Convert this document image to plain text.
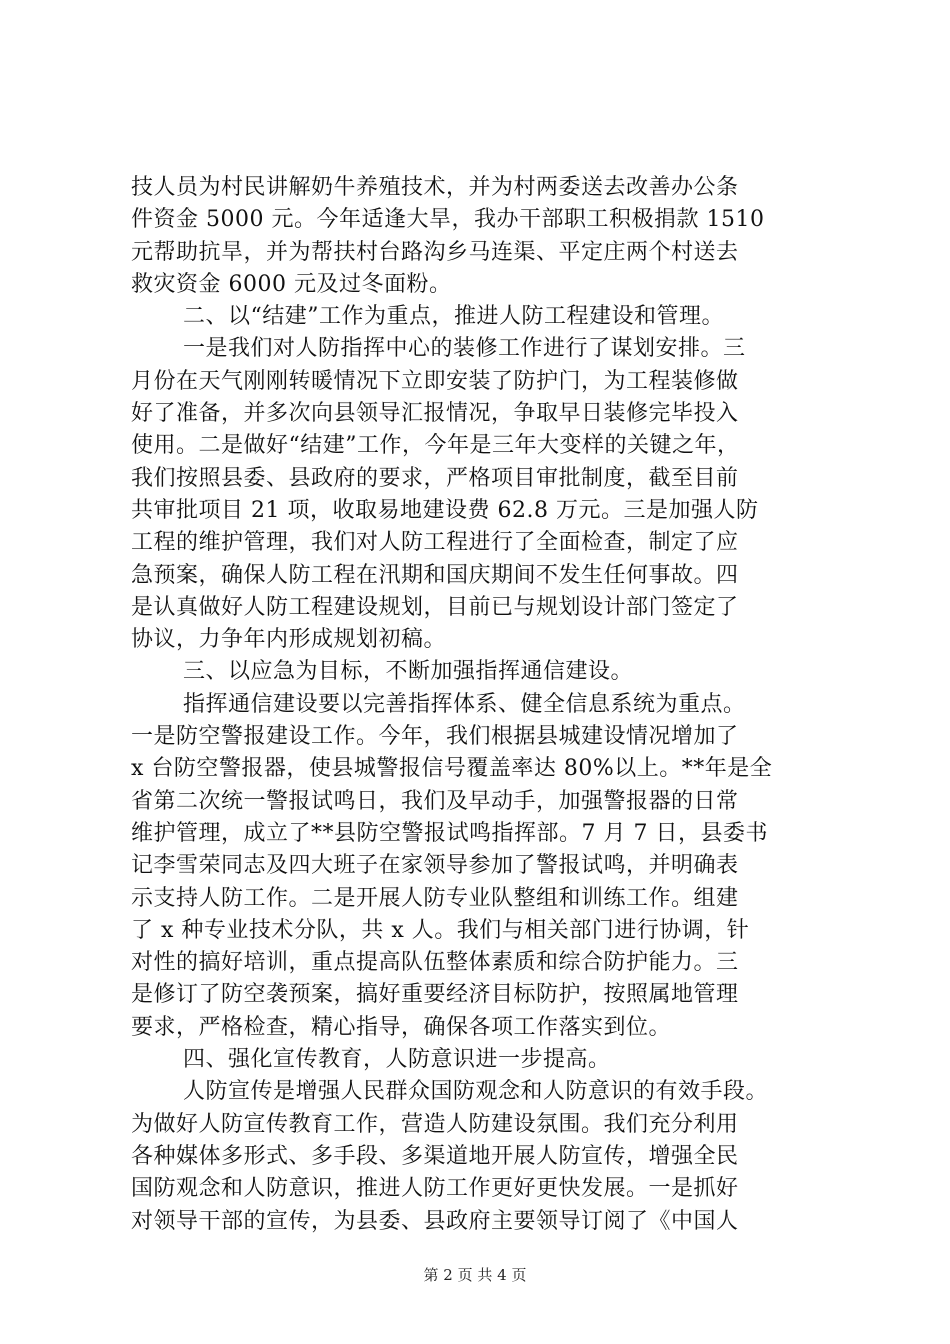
技人员为村民讲解奶牛养殖技术，并为村两委送去改善办公条
件资金 5000 元。今年适逢大旱，我办干部职工积极捐款 1510
元帮助抗旱，并为帮扶村台路沟乡马连渠、平定庄两个村送去
救灾资金 6000 元及过冬面粉。
二、以“结建”工作为重点，推进人防工程建设和管理。
一是我们对人防指挥中心的装修工作进行了谋划安排。三
月份在天气刚刚转暖情况下立即安装了防护门，为工程装修做
好了准备，并多次向县领导汇报情况，争取早日装修完毕投入
使用。二是做好“结建”工作，今年是三年大变样的关键之年，
我们按照县委、县政府的要求，严格项目审批制度，截至目前
共审批项目 21 项，收取易地建设费 62.8 万元。三是加强人防
工程的维护管理，我们对人防工程进行了全面检查，制定了应
急预案，确保人防工程在汛期和国庆期间不发生任何事故。四
是认真做好人防工程建设规划，目前已与规划设计部门签定了
协议，力争年内形成规划初稿。
三、以应急为目标，不断加强指挥通信建设。
指挥通信建设要以完善指挥体系、健全信息系统为重点。
一是防空警报建设工作。今年，我们根据县城建设情况增加了
x 台防空警报器，使县城警报信号覆盖率达 80%以上。**年是全
省第二次统一警报试鸣日，我们及早动手，加强警报器的日常
维护管理，成立了**县防空警报试鸣指挥部。7 月 7 日，县委书
记李雪荣同志及四大班子在家领导参加了警报试鸣，并明确表
示支持人防工作。二是开展人防专业队整组和训练工作。组建
了 x 种专业技术分队，共 x 人。我们与相关部门进行协调，针
对性的搞好培训，重点提高队伍整体素质和综合防护能力。三
是修订了防空袭预案，搞好重要经济目标防护，按照属地管理
要求，严格检查，精心指导，确保各项工作落实到位。
四、强化宣传教育，人防意识进一步提高。
人防宣传是增强人民群众国防观念和人防意识的有效手段。
为做好人防宣传教育工作，营造人防建设氛围。我们充分利用
各种媒体多形式、多手段、多渠道地开展人防宣传，增强全民
国防观念和人防意识，推进人防工作更好更快发展。一是抓好
对领导干部的宣传，为县委、县政府主要领导订阅了《中国人
第 2 页 共 4 页
